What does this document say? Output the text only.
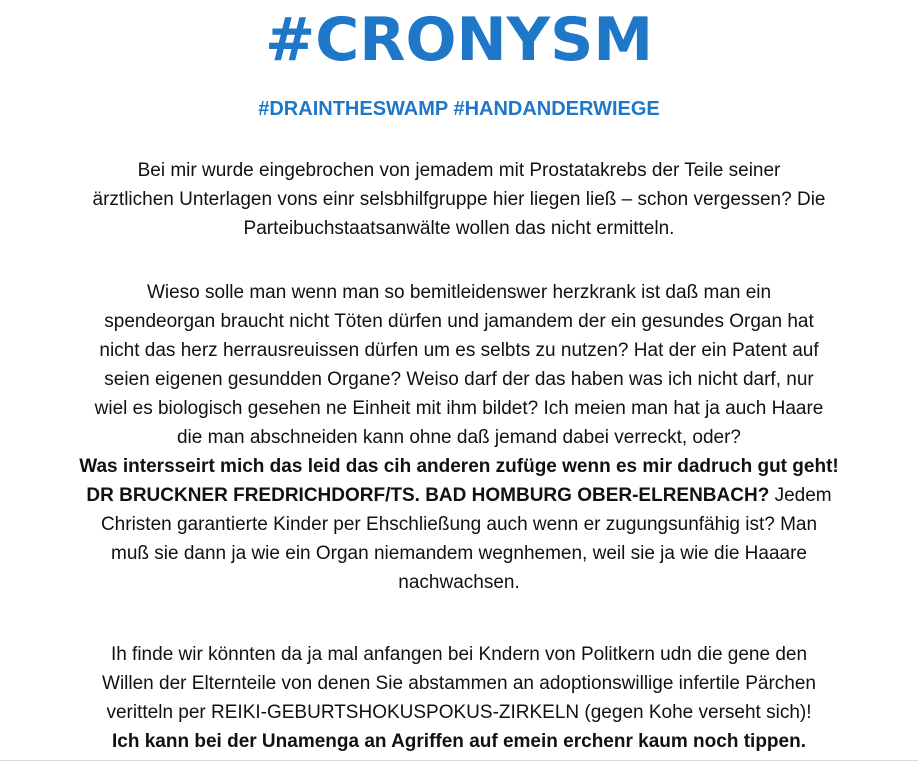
#CRONYSM
#DRAINTHESWAMP #HANDANDERWIEGE
Bei mir wurde eingebrochen von jemadem mit Prostatakrebs der Teile seiner
ärztlichen Unterlagen vons einr selsbhilfgruppe hier liegen ließ – schon vergessen? Die
Parteibuchstaatsanwälte wollen das nicht ermitteln.
Wieso solle man wenn man so bemitleidenswer herzkrank ist daß man ein
spendeorgan braucht nicht Töten dürfen und jamandem der ein gesundes Organ hat
nicht das herz herrausreuissen dürfen um es selbts zu nutzen? Hat der ein Patent auf
seien eigenen gesundden Organe? Weiso darf der das haben was ich nicht darf, nur
wiel es biologisch gesehen ne Einheit mit ihm bildet? Ich meien man hat ja auch Haare
die man abschneiden kann ohne daß jemand dabei verreckt, oder?
Was intersseirt mich das leid das cih anderen zufüge wenn es mir dadruch gut geht!
DR BRUCKNER FREDRICHDORF/TS. BAD HOMBURG OBER-ELRENBACH? Jedem
Christen garantierte Kinder per Ehschließung auch wenn er zugungsunfähig ist? Man
muß sie dann ja wie ein Organ niemandem wegnhemen, weil sie ja wie die Haaare
nachwachsen.
Ih finde wir könnten da ja mal anfangen bei Kndern von Politkern udn die gene den
Willen der Elternteile von denen Sie abstammen an adoptionswillige infertile Pärchen
veritteln per REIKI-GEBURTSHOKUSPOKUS-ZIRKELN (gegen Kohe verseht sich)!
Ich kann bei der Unamenga an Agriffen auf emein erchenr kaum noch tippen.
